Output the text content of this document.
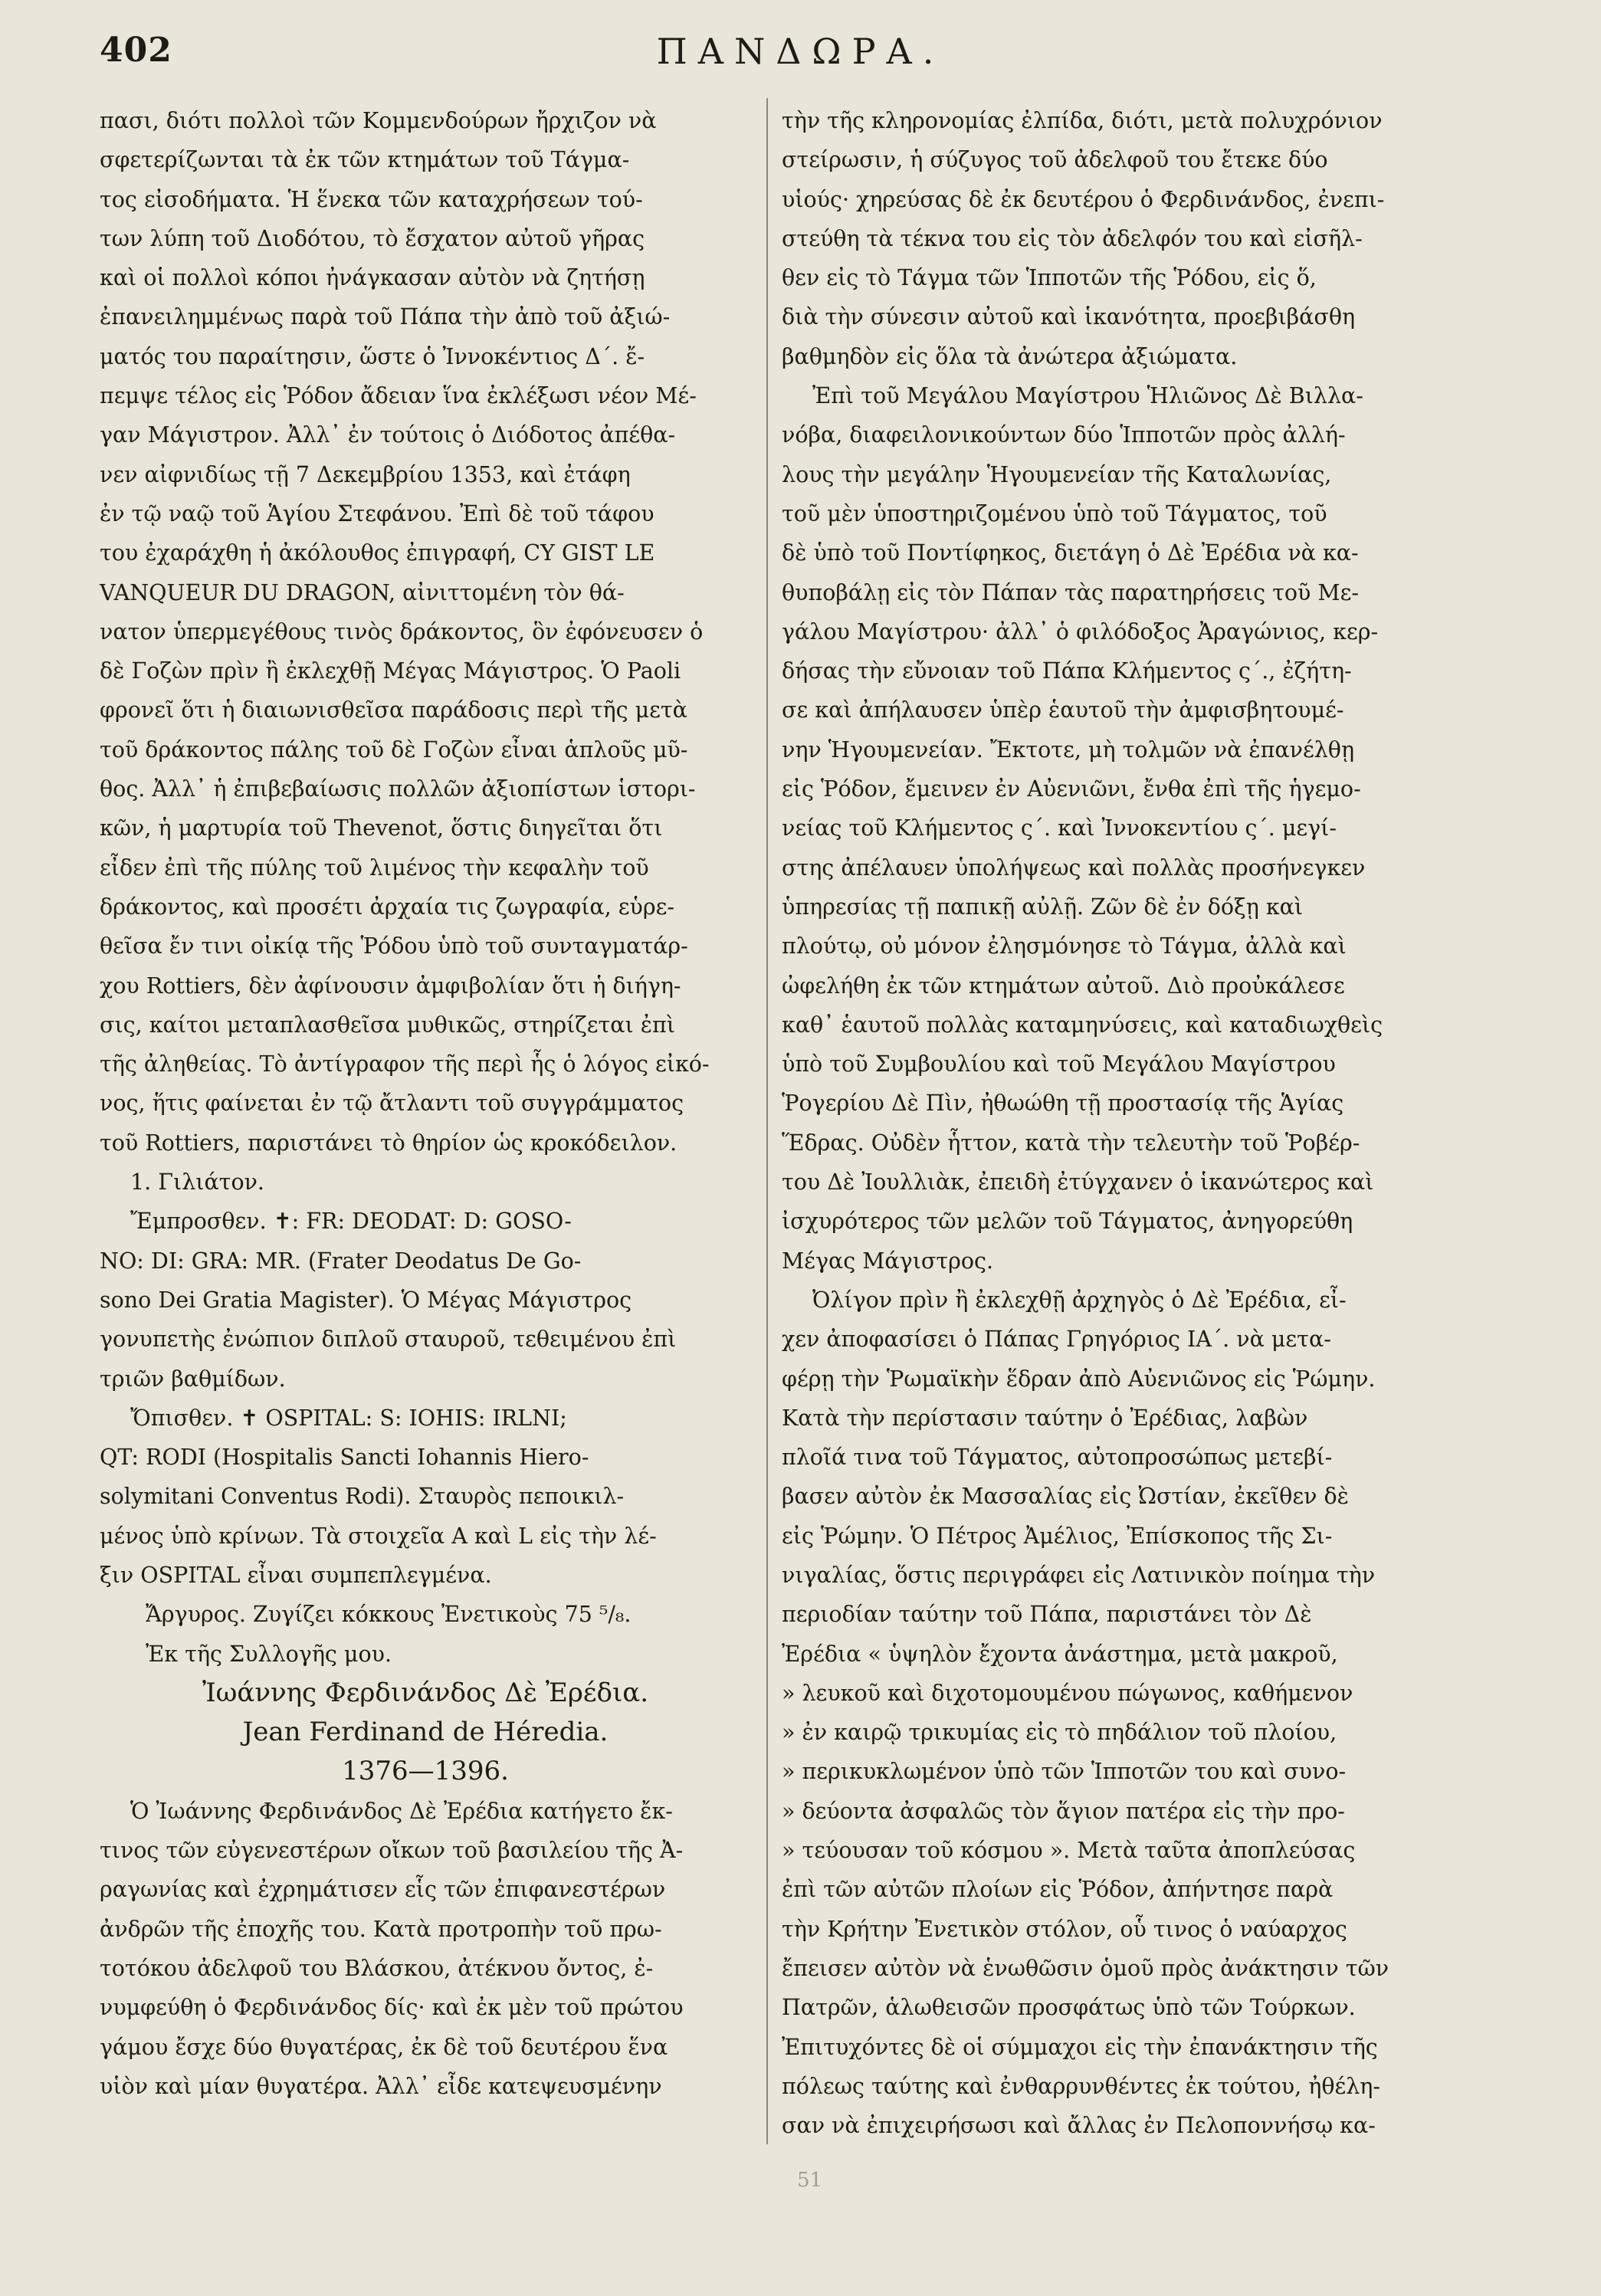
402	ΠΑΝΔΩΡΑ.

πασι, διότι πολλοὶ τῶν Κομμενδούρων ἤρχιζον νὰ

σφετερίζωνται τὰ ἐκ τῶν κτημάτων τοῦ Τάγμα-

τος εἰσοδήματα. Ἡ ἕνεκα τῶν καταχρήσεων τού-

των λύπη τοῦ Διοδότου, τὸ ἔσχατον αὐτοῦ γῆρας

καὶ οἱ πολλοὶ κόποι ἠνάγκασαν αὐτὸν νὰ ζητήσῃ

ἐπανειλημμένως παρὰ τοῦ Πάπα τὴν ἀπὸ τοῦ ἀξιώ-

ματός του παραίτησιν, ὥστε ὁ Ἰννοκέντιος Δ΄. ἔ-

πεμψε τέλος εἰς Ῥόδον ἄδειαν ἵνα ἐκλέξωσι νέον Μέ-

γαν Μάγιστρον. Ἀλλ᾽ ἐν τούτοις ὁ Διόδοτος ἀπέθα-

νεν αἰφνιδίως τῇ 7 Δεκεμβρίου 1353, καὶ ἐτάφη

ἐν τῷ ναῷ τοῦ Ἁγίου Στεφάνου. Ἐπὶ δὲ τοῦ τάφου

του ἐχαράχθη ἡ ἀκόλουθος ἐπιγραφή, CY GIST LE

VANQUEUR DU DRAGON, αἰνιττομένη τὸν θά-

νατον ὑπερμεγέθους τινὸς δράκοντος, ὃν ἐφόνευσεν ὁ

δὲ Γοζὼν πρὶν ἢ ἐκλεχθῇ Μέγας Μάγιστρος. Ὁ Paoli

φρονεῖ ὅτι ἡ διαιωνισθεῖσα παράδοσις περὶ τῆς μετὰ

τοῦ δράκοντος πάλης τοῦ δὲ Γοζὼν εἶναι ἁπλοῦς μῦ-

θος. Ἀλλ᾽ ἡ ἐπιβεβαίωσις πολλῶν ἀξιοπίστων ἱστορι-

κῶν, ἡ μαρτυρία τοῦ Thevenot, ὅστις διηγεῖται ὅτι

εἶδεν ἐπὶ τῆς πύλης τοῦ λιμένος τὴν κεφαλὴν τοῦ

δράκοντος, καὶ προσέτι ἀρχαία τις ζωγραφία, εὑρε-

θεῖσα ἔν τινι οἰκίᾳ τῆς Ῥόδου ὑπὸ τοῦ συνταγματάρ-

χου Rottiers, δὲν ἀφίνουσιν ἀμφιβολίαν ὅτι ἡ διήγη-

σις, καίτοι μεταπλασθεῖσα μυθικῶς, στηρίζεται ἐπὶ

τῆς ἀληθείας. Τὸ ἀντίγραφον τῆς περὶ ἧς ὁ λόγος εἰκό-

νος, ἥτις φαίνεται ἐν τῷ ἄτλαντι τοῦ συγγράμματος

τοῦ Rottiers, παριστάνει τὸ θηρίον ὡς κροκόδειλον.

1. Γιλιάτον.

Ἔμπροσθεν. ✝: FR: DEODAT: D: GOSO-

NO: DI: GRA: MR. (Frater Deodatus De Go-

sono Dei Gratia Magister). Ὁ Μέγας Μάγιστρος

γονυπετὴς ἐνώπιον διπλοῦ σταυροῦ, τεθειμένου ἐπὶ

τριῶν βαθμίδων.

Ὄπισθεν. ✝ OSPITAL: S: IOHIS: IRLNI;

QT: RODI (Hospitalis Sancti Iohannis Hiero-

solymitani Conventus Rodi). Σταυρὸς πεποικιλ-

μένος ὑπὸ κρίνων. Τὰ στοιχεῖα A καὶ L εἰς τὴν λέ-

ξιν OSPITAL εἶναι συμπεπλεγμένα.

Ἄργυρος. Ζυγίζει κόκκους Ἐνετικοὺς 75 ⁵/₈.

Ἐκ τῆς Συλλογῆς μου.

Ἰωάννης Φερδινάνδος Δὲ Ἐρέδια.

Jean Ferdinand de Héredia.

1376—1396.

Ὁ Ἰωάννης Φερδινάνδος Δὲ Ἐρέδια κατήγετο ἔκ-

τινος τῶν εὐγενεστέρων οἴκων τοῦ βασιλείου τῆς Ἀ-

ραγωνίας καὶ ἐχρημάτισεν εἷς τῶν ἐπιφανεστέρων

ἀνδρῶν τῆς ἐποχῆς του. Κατὰ προτροπὴν τοῦ πρω-

τοτόκου ἀδελφοῦ του Βλάσκου, ἀτέκνου ὄντος, ἐ-

νυμφεύθη ὁ Φερδινάνδος δίς· καὶ ἐκ μὲν τοῦ πρώτου

γάμου ἔσχε δύο θυγατέρας, ἐκ δὲ τοῦ δευτέρου ἕνα

υἱὸν καὶ μίαν θυγατέρα. Ἀλλ᾽ εἶδε κατεψευσμένην

τὴν τῆς κληρονομίας ἐλπίδα, διότι, μετὰ πολυχρόνιον

στείρωσιν, ἡ σύζυγος τοῦ ἀδελφοῦ του ἔτεκε δύο

υἱούς· χηρεύσας δὲ ἐκ δευτέρου ὁ Φερδινάνδος, ἐνεπι-

στεύθη τὰ τέκνα του εἰς τὸν ἀδελφόν του καὶ εἰσῆλ-

θεν εἰς τὸ Τάγμα τῶν Ἱπποτῶν τῆς Ῥόδου, εἰς ὅ,

διὰ τὴν σύνεσιν αὐτοῦ καὶ ἱκανότητα, προεβιβάσθη

βαθμηδὸν εἰς ὅλα τὰ ἀνώτερα ἀξιώματα.

Ἐπὶ τοῦ Μεγάλου Μαγίστρου Ἡλιῶνος Δὲ Βιλλα-

νόβα, διαφειλονικούντων δύο Ἱπποτῶν πρὸς ἀλλή-

λους τὴν μεγάλην Ἡγουμενείαν τῆς Καταλωνίας,

τοῦ μὲν ὑποστηριζομένου ὑπὸ τοῦ Τάγματος, τοῦ

δὲ ὑπὸ τοῦ Ποντίφηκος, διετάγη ὁ Δὲ Ἐρέδια νὰ κα-

θυποβάλῃ εἰς τὸν Πάπαν τὰς παρατηρήσεις τοῦ Με-

γάλου Μαγίστρου· ἀλλ᾽ ὁ φιλόδοξος Ἀραγώνιος, κερ-

δήσας τὴν εὔνοιαν τοῦ Πάπα Κλήμεντος ς΄., ἐζήτη-

σε καὶ ἀπήλαυσεν ὑπὲρ ἑαυτοῦ τὴν ἀμφισβητουμέ-

νην Ἡγουμενείαν. Ἔκτοτε, μὴ τολμῶν νὰ ἐπανέλθῃ

εἰς Ῥόδον, ἔμεινεν ἐν Αὐενιῶνι, ἔνθα ἐπὶ τῆς ἡγεμο-

νείας τοῦ Κλήμεντος ς΄. καὶ Ἰννοκεντίου ς΄. μεγί-

στης ἀπέλαυεν ὑπολήψεως καὶ πολλὰς προσήνεγκεν

ὑπηρεσίας τῇ παπικῇ αὐλῇ. Ζῶν δὲ ἐν δόξῃ καὶ

πλούτῳ, οὐ μόνον ἐλησμόνησε τὸ Τάγμα, ἀλλὰ καὶ

ὠφελήθη ἐκ τῶν κτημάτων αὐτοῦ. Διὸ προὐκάλεσε

καθ᾽ ἑαυτοῦ πολλὰς καταμηνύσεις, καὶ καταδιωχθεὶς

ὑπὸ τοῦ Συμβουλίου καὶ τοῦ Μεγάλου Μαγίστρου

Ῥογερίου Δὲ Πὶν, ἠθωώθη τῇ προστασίᾳ τῆς Ἁγίας

Ἕδρας. Οὐδὲν ἧττον, κατὰ τὴν τελευτὴν τοῦ Ῥοβέρ-

του Δὲ Ἰουλλιὰκ, ἐπειδὴ ἐτύγχανεν ὁ ἱκανώτερος καὶ

ἰσχυρότερος τῶν μελῶν τοῦ Τάγματος, ἀνηγορεύθη

Μέγας Μάγιστρος.

Ὀλίγον πρὶν ἢ ἐκλεχθῇ ἀρχηγὸς ὁ Δὲ Ἐρέδια, εἶ-

χεν ἀποφασίσει ὁ Πάπας Γρηγόριος ΙΑ΄. νὰ μετα-

φέρῃ τὴν Ῥωμαϊκὴν ἕδραν ἀπὸ Αὐενιῶνος εἰς Ῥώμην.

Κατὰ τὴν περίστασιν ταύτην ὁ Ἐρέδιας, λαβὼν

πλοῖά τινα τοῦ Τάγματος, αὐτοπροσώπως μετεβί-

βασεν αὐτὸν ἐκ Μασσαλίας εἰς Ὠστίαν, ἐκεῖθεν δὲ

εἰς Ῥώμην. Ὁ Πέτρος Ἀμέλιος, Ἐπίσκοπος τῆς Σι-

νιγαλίας, ὅστις περιγράφει εἰς Λατινικὸν ποίημα τὴν

περιοδίαν ταύτην τοῦ Πάπα, παριστάνει τὸν Δὲ

Ἐρέδια « ὑψηλὸν ἔχοντα ἀνάστημα, μετὰ μακροῦ,

» λευκοῦ καὶ διχοτομουμένου πώγωνος, καθήμενον

» ἐν καιρῷ τρικυμίας εἰς τὸ πηδάλιον τοῦ πλοίου,

» περικυκλωμένον ὑπὸ τῶν Ἱπποτῶν του καὶ συνο-

» δεύοντα ἀσφαλῶς τὸν ἅγιον πατέρα εἰς τὴν προ-

» τεύουσαν τοῦ κόσμου ». Μετὰ ταῦτα ἀποπλεύσας

ἐπὶ τῶν αὐτῶν πλοίων εἰς Ῥόδον, ἀπήντησε παρὰ

τὴν Κρήτην Ἐνετικὸν στόλον, οὗ τινος ὁ ναύαρχος

ἔπεισεν αὐτὸν νὰ ἑνωθῶσιν ὁμοῦ πρὸς ἀνάκτησιν τῶν

Πατρῶν, ἁλωθεισῶν προσφάτως ὑπὸ τῶν Τούρκων.

Ἐπιτυχόντες δὲ οἱ σύμμαχοι εἰς τὴν ἐπανάκτησιν τῆς

πόλεως ταύτης καὶ ἐνθαρρυνθέντες ἐκ τούτου, ἠθέλη-

σαν νὰ ἐπιχειρήσωσι καὶ ἄλλας ἐν Πελοποννήσῳ κα-

51
